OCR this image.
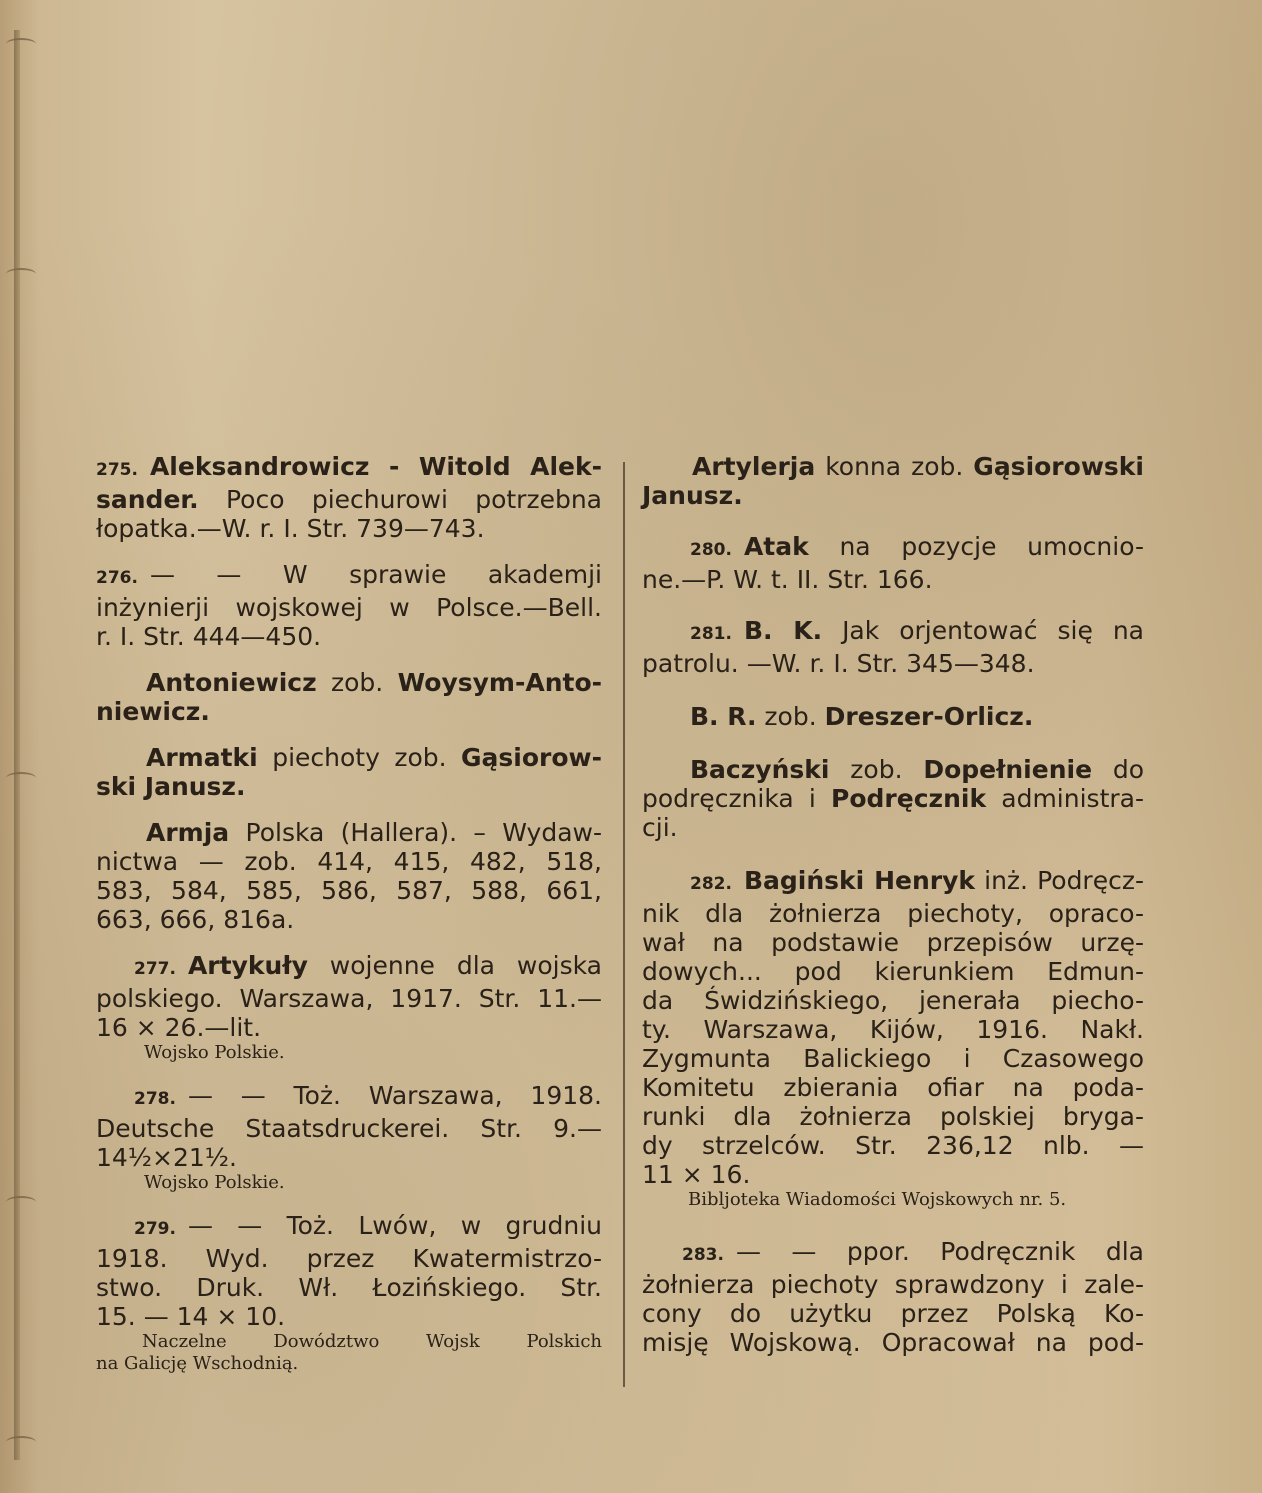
275. Aleksandrowicz - Witold Alek-
sander. Poco piechurowi potrzebna
łopatka.—W. r. I. Str. 739—743.
276. — — W sprawie akademji
inżynierji wojskowej w Polsce.—Bell.
r. I. Str. 444—450.
Antoniewicz zob. Woysym-Anto-
niewicz.
Armatki piechoty zob. Gąsiorow-
ski Janusz.
Armja Polska (Hallera). – Wydaw-
nictwa — zob. 414, 415, 482, 518,
583, 584, 585, 586, 587, 588, 661,
663, 666, 816a.
277. Artykuły wojenne dla wojska
polskiego. Warszawa, 1917. Str. 11.—
16 × 26.—lit.
Wojsko Polskie.
278. — — Toż. Warszawa, 1918.
Deutsche Staatsdruckerei. Str. 9.—
14½×21½.
Wojsko Polskie.
279. — — Toż. Lwów, w grudniu
1918. Wyd. przez Kwatermistrzo-
stwo. Druk. Wł. Łozińskiego. Str.
15. — 14 × 10.
Naczelne Dowództwo Wojsk Polskich
na Galicję Wschodnią.
Artylerja konna zob. Gąsiorowski
Janusz.
280. Atak na pozycje umocnio-
ne.—P. W. t. II. Str. 166.
281. B. K. Jak orjentować się na
patrolu. —W. r. I. Str. 345—348.
B. R. zob. Dreszer-Orlicz.
Baczyński zob. Dopełnienie do
podręcznika i Podręcznik administra-
cji.
282. Bagiński Henryk inż. Podręcz-
nik dla żołnierza piechoty, opraco-
wał na podstawie przepisów urzę-
dowych... pod kierunkiem Edmun-
da Świdzińskiego, jenerała piecho-
ty. Warszawa, Kijów, 1916. Nakł.
Zygmunta Balickiego i Czasowego
Komitetu zbierania ofiar na poda-
runki dla żołnierza polskiej bryga-
dy strzelców. Str. 236,12 nlb. —
11 × 16.
Bibljoteka Wiadomości Wojskowych nr. 5.
283. — — ppor. Podręcznik dla
żołnierza piechoty sprawdzony i zale-
cony do użytku przez Polską Ko-
misję Wojskową. Opracował na pod-
